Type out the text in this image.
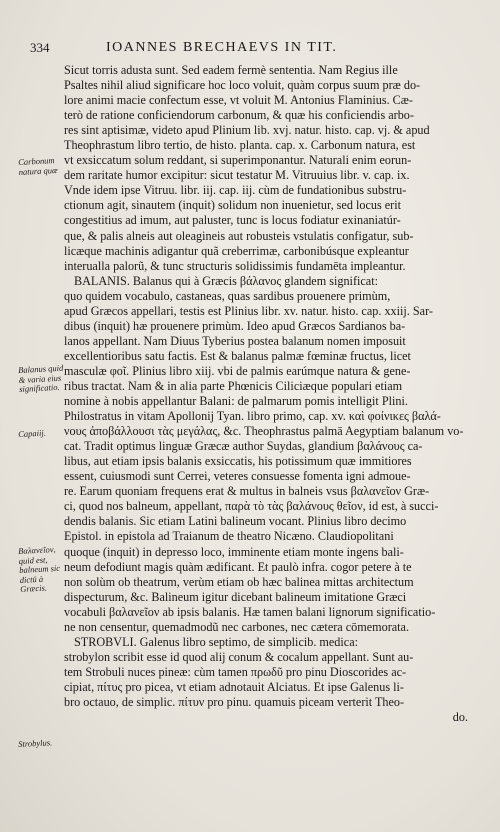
334	IOANNES BRECHAEVS IN TIT.
Carbonum natura quæ
Balanus quid & varia eius significatio.
Capaiij.
Βαλανεῖον, quid est, balneum sic dictū à Græcis.
Strobylus.
Sicut torris adusta sunt. Sed eadem fermè sententia. Nam Regius ille
Psaltes nihil aliud significare hoc loco voluit, quàm corpus suum præ do-
lore animi macie confectum esse, vt voluit M. Antonius Flaminius. Cæ-
terò de ratione conficiendorum carbonum, & quæ his conficiendis arbo-
res sint aptisimæ, videto apud Plinium lib. xvj. natur. histo. cap. vj. & apud
Theophrastum libro tertio, de histo. planta. cap. x. Carbonum natura, est
vt exsiccatum solum reddant, si superimponantur. Naturali enim eorun-
dem raritate humor excipitur: sicut testatur M. Vitruuius libr. v. cap. ix.
Vnde idem ipse Vitruu. libr. iij. cap. iij. cùm de fundationibus substru-
ctionum agit, sinautem (inquit) solidum non inuenietur, sed locus erit
congestitius ad imum, aut paluster, tunc is locus fodiatur exinaniatúr-
que, & palis alneis aut oleagineis aut robusteis vstulatis configatur, sub-
licæque machinis adigantur quã creberrimæ, carbonibúsque expleantur
interualla palorũ, & tunc structuris solidissimis fundamēta impleantur.
BALANIS. Balanus qui à Græcis βάλανος glandem significat:
quo quidem vocabulo, castaneas, quas sardibus prouenere primùm,
apud Græcos appellari, testis est Plinius libr. xv. natur. histo. cap. xxiij. Sar-
dibus (inquit) hæ prouenere primùm. Ideo apud Græcos Sardianos ba-
lanos appellant. Nam Diuus Tyberius postea balanum nomen imposuit
excellentioribus satu factis. Est & balanus palmæ fœminæ fructus, licet
masculæ φοῖ. Plinius libro xiij. vbi de palmis earúmque natura & gene-
ribus tractat. Nam & in alia parte Phœnicis Ciliciæque populari etiam
nomine à nobis appellantur Balani: de palmarum pomis intelligit Plini.
Philostratus in vitam Apollonij Tyan. libro primo, cap. xv. καὶ φοίνικες βαλά-
νους ἀποβάλλουσι τὰς μεγάλας, &c. Theophrastus palmā Aegyptiam balanum vo-
cat. Tradit optimus linguæ Græcæ author Suydas, glandium βαλάνους ca-
libus, aut etiam ipsis balanis exsiccatis, his potissimum quæ immitiores
essent, cuiusmodi sunt Cerrei, veteres consuesse fomenta igni admoue-
re. Earum quoniam frequens erat & multus in balneis vsus βαλανεῖον Græ-
ci, quod nos balneum, appellant, παρὰ τὸ τὰς βαλάνους θεῖον, id est, à succi-
dendis balanis. Sic etiam Latini balineum vocant. Plinius libro decimo
Epistol. in epistola ad Traianum de theatro Nicæno. Claudiopolitani
quoque (inquit) in depresso loco, imminente etiam monte ingens bali-
neum defodiunt magis quàm ædificant. Et paulò infra. cogor petere à te
non solùm ob theatrum, verùm etiam ob hæc balinea mittas architectum
dispecturum, &c. Balineum igitur dicebant balineum imitatione Græci
vocabuli βαλανεῖον ab ipsis balanis. Hæ tamen balani lignorum significatio-
ne non censentur, quemadmodũ nec carbones, nec cætera cōmemorata.
STROBVLI. Galenus libro septimo, de simplicib. medica:
strobylon scribit esse id quod alij conum & cocalum appellant. Sunt au-
tem Strobuli nuces pineæ: cùm tamen πρωδῦ pro pinu Dioscorides ac-
cipiat, πίτυς pro picea, vt etiam adnotauit Alciatus. Et ipse Galenus li-
bro octauo, de simplic. πίτυν pro pinu. quamuis piceam verterit Theo-
do.
